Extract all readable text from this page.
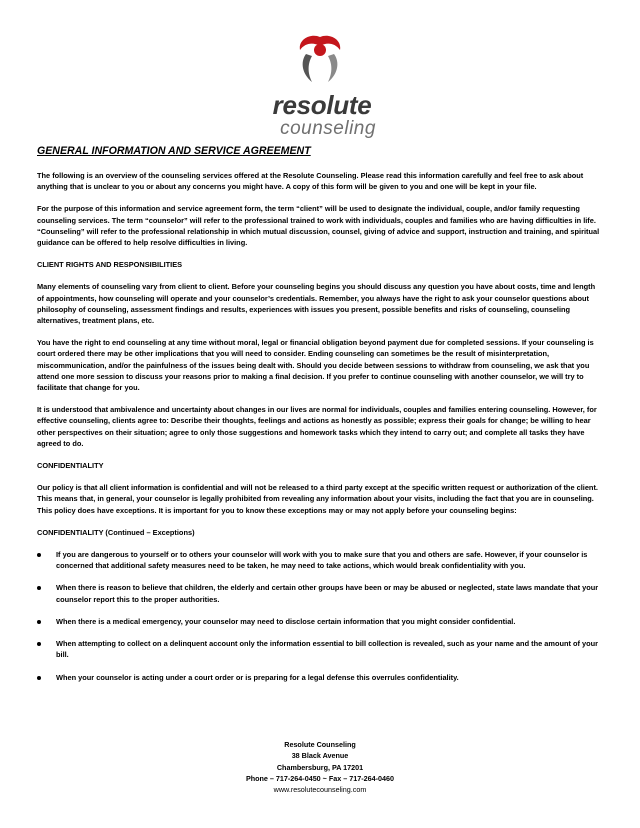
resolute
counseling
GENERAL INFORMATION AND SERVICE AGREEMENT

The following is an overview of the counseling services offered at the Resolute Counseling. Please read this information carefully and feel free to ask about anything that is unclear to you or about any concerns you might have. A copy of this form will be given to you and one will be kept in your file.

For the purpose of this information and service agreement form, the term “client” will be used to designate the individual, couple, and/or family requesting counseling services. The term “counselor” will refer to the professional trained to work with individuals, couples and families who are having difficulties in life. “Counseling” will refer to the professional relationship in which mutual discussion, counsel, giving of advice and support, instruction and training, and spiritual guidance can be offered to help resolve difficulties in living.

CLIENT RIGHTS AND RESPONSIBILITIES

Many elements of counseling vary from client to client. Before your counseling begins you should discuss any question you have about costs, time and length of appointments, how counseling will operate and your counselor’s credentials. Remember, you always have the right to ask your counselor questions about philosophy of counseling, assessment findings and results, experiences with issues you present, possible benefits and risks of counseling, counseling alternatives, treatment plans, etc.

You have the right to end counseling at any time without moral, legal or financial obligation beyond payment due for completed sessions. If your counseling is court ordered there may be other implications that you will need to consider. Ending counseling can sometimes be the result of misinterpretation, miscommunication, and/or the painfulness of the issues being dealt with. Should you decide between sessions to withdraw from counseling, we ask that you attend one more session to discuss your reasons prior to making a final decision. If you prefer to continue counseling with another counselor, we will try to facilitate that change for you.

It is understood that ambivalence and uncertainty about changes in our lives are normal for individuals, couples and families entering counseling. However, for effective counseling, clients agree to: Describe their thoughts, feelings and actions as honestly as possible; express their goals for change; be willing to hear other perspectives on their situation; agree to only those suggestions and homework tasks which they intend to carry out; and complete all tasks they have agreed to do.

CONFIDENTIALITY

Our policy is that all client information is confidential and will not be released to a third party except at the specific written request or authorization of the client. This means that, in general, your counselor is legally prohibited from revealing any information about your visits, including the fact that you are in counseling.

This policy does have exceptions. It is important for you to know these exceptions may or may not apply before your counseling begins:

CONFIDENTIALITY (Continued – Exceptions)

If you are dangerous to yourself or to others your counselor will work with you to make sure that you and others are safe. However, if your counselor is concerned that additional safety measures need to be taken, he may need to take actions, which would break confidentiality with you.
When there is reason to believe that children, the elderly and certain other groups have been or may be abused or neglected, state laws mandate that your counselor report this to the proper authorities.
When there is a medical emergency, your counselor may need to disclose certain information that you might consider confidential.
When attempting to collect on a delinquent account only the information essential to bill collection is revealed, such as your name and the amount of your bill.
When your counselor is acting under a court order or is preparing for a legal defense this overrules confidentiality.
Resolute Counseling
38 Black Avenue
Chambersburg, PA 17201
Phone – 717-264-0450 ~ Fax – 717-264-0460
www.resolutecounseling.com
